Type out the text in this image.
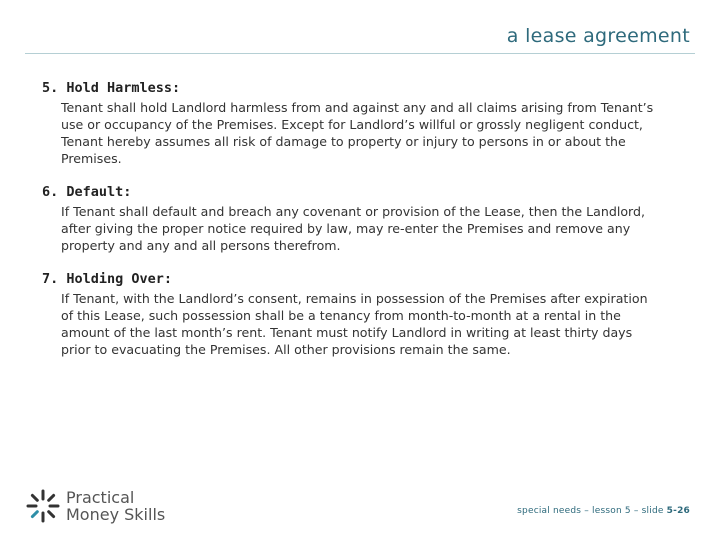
a lease agreement
5. Hold Harmless:

Tenant shall hold Landlord harmless from and against any and all claims arising from Tenant’s use or occupancy of the Premises. Except for Landlord’s willful or grossly negligent conduct, Tenant hereby assumes all risk of damage to property or injury to persons in or about the Premises.

6. Default:

If Tenant shall default and breach any covenant or provision of the Lease, then the Landlord, after giving the proper notice required by law, may re-enter the Premises and remove any property and any and all persons therefrom.

7. Holding Over:

If Tenant, with the Landlord’s consent, remains in possession of the Premises after expiration of this Lease, such possession shall be a tenancy from month-to-month at a rental in the amount of the last month’s rent. Tenant must notify Landlord in writing at least thirty days prior to evacuating the Premises. All other provisions remain the same.

Practical
Money Skills	special needs – lesson 5 – slide 5-26
